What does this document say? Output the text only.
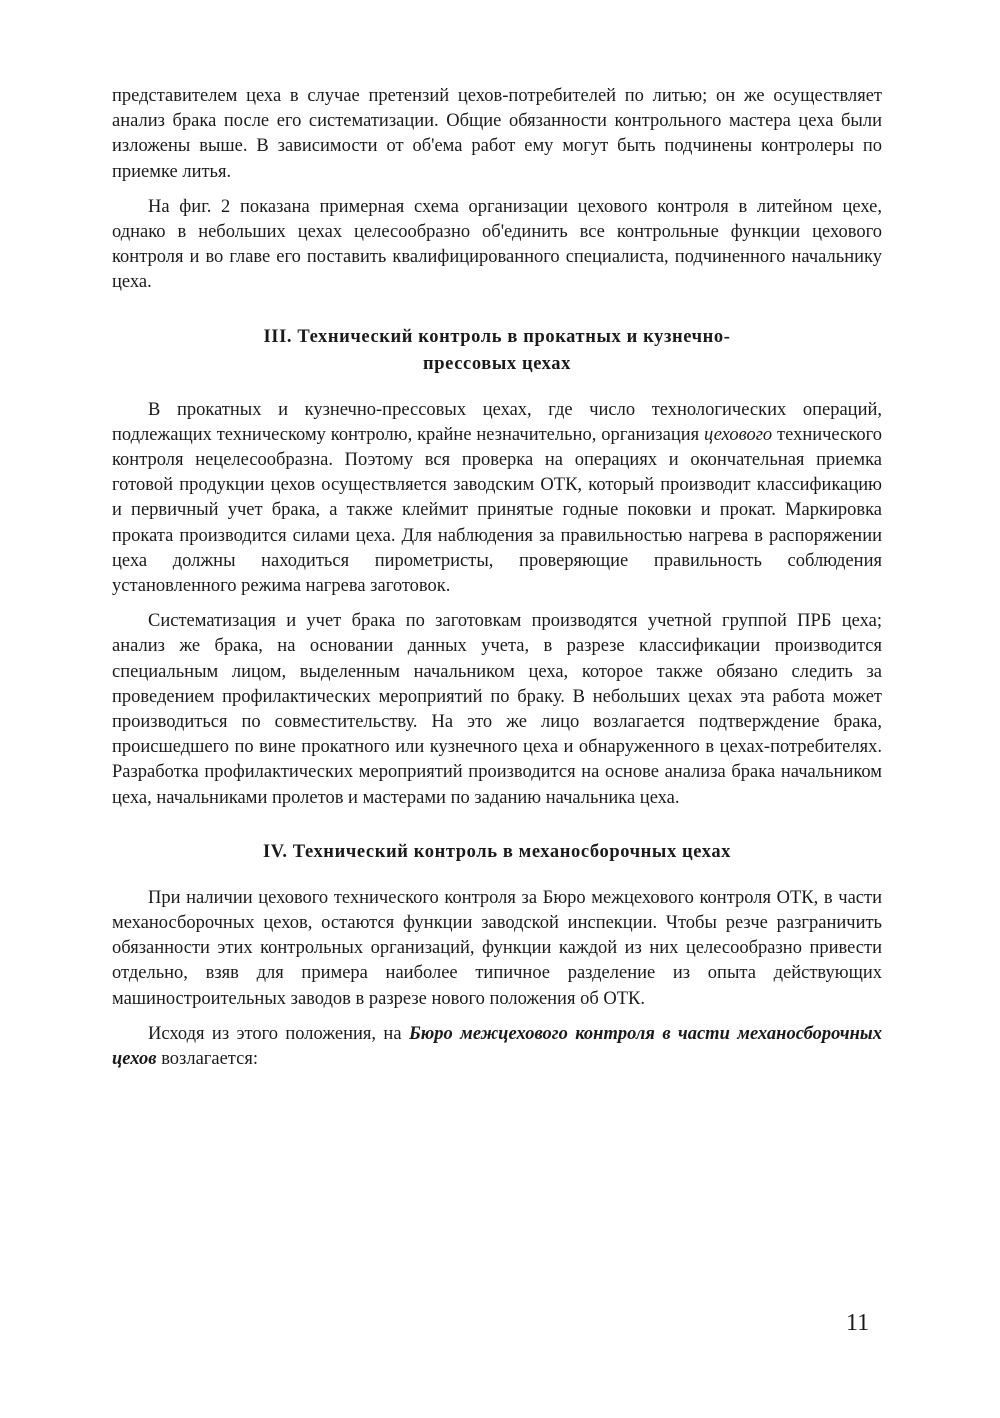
представителем цеха в случае претензий цехов-потребителей по литью; он же осуществляет анализ брака после его систематизации. Общие обязанности контрольного мастера цеха были изложены выше. В зависимости от об'ема работ ему могут быть подчинены контролеры по приемке литья.

На фиг. 2 показана примерная схема организации цехового контроля в литейном цехе, однако в небольших цехах целесообразно об'единить все контрольные функции цехового контроля и во главе его поставить квалифицированного специалиста, подчиненного начальнику цеха.

III. Технический контроль в прокатных и кузнечно-
прессовых цехах

В прокатных и кузнечно-прессовых цехах, где число технологических операций, подлежащих техническому контролю, крайне незначительно, организация цехового технического контроля нецелесообразна. Поэтому вся проверка на операциях и окончательная приемка готовой продукции цехов осуществляется заводским ОТК, который производит классификацию и первичный учет брака, а также клеймит принятые годные поковки и прокат. Маркировка проката производится силами цеха. Для наблюдения за правильностью нагрева в распоряжении цеха должны находиться пирометристы, проверяющие правильность соблюдения установленного режима нагрева заготовок.

Систематизация и учет брака по заготовкам производятся учетной группой ПРБ цеха; анализ же брака, на основании данных учета, в разрезе классификации производится специальным лицом, выделенным начальником цеха, которое также обязано следить за проведением профилактических мероприятий по браку. В небольших цехах эта работа может производиться по совместительству. На это же лицо возлагается подтверждение брака, происшедшего по вине прокатного или кузнечного цеха и обнаруженного в цехах-потребителях. Разработка профилактических мероприятий производится на основе анализа брака начальником цеха, начальниками пролетов и мастерами по заданию начальника цеха.

IV. Технический контроль в механосборочных цехах

При наличии цехового технического контроля за Бюро межцехового контроля ОТК, в части механосборочных цехов, остаются функции заводской инспекции. Чтобы резче разграничить обязанности этих контрольных организаций, функции каждой из них целесообразно привести отдельно, взяв для примера наиболее типичное разделение из опыта действующих машиностроительных заводов в разрезе нового положения об ОТК.

Исходя из этого положения, на Бюро межцехового контроля в части механосборочных цехов возлагается:

11
